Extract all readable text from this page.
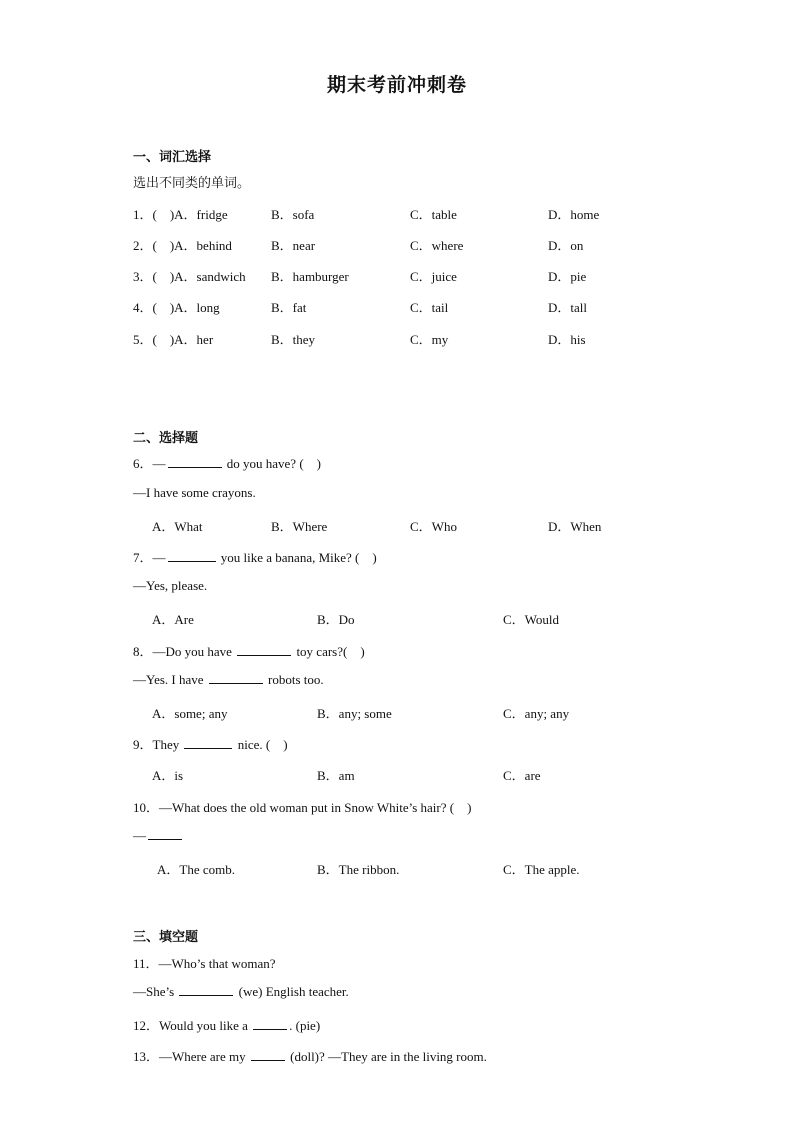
期末考前冲刺卷
一、词汇选择
选出不同类的单词。
1．(　)A．fridge	B．sofa	C．table	D．home
2．(　)A．behind	B．near	C．where	D．on
3．(　)A．sandwich B．hamburger	C．juice	D．pie
4．(　)A．long	B．fat	C．tail	D．tall
5．(　)A．her	B．they	C．my	D．his
二、选择题
6．—	do you have? (　)
—I have some crayons.
A．What	B．Where	C．Who	D．When
7．—	you like a banana, Mike? (　)
—Yes, please.
A．Are	B．Do	C．Would
8．—Do you have	toy cars?(　)
—Yes. I have	robots too.
A．some; any	B．any; some	C．any; any
9．They	nice. (　)
A．is	B．am	C．are
10．—What does the old woman put in Snow White’s hair? (　)
—
A．The comb.	B．The ribbon.	C．The apple.
三、填空题
11．—Who’s that woman?
—She’s	(we) English teacher.
12．Would you like a	. (pie)
13．—Where are my	(doll)? —They are in the living room.
